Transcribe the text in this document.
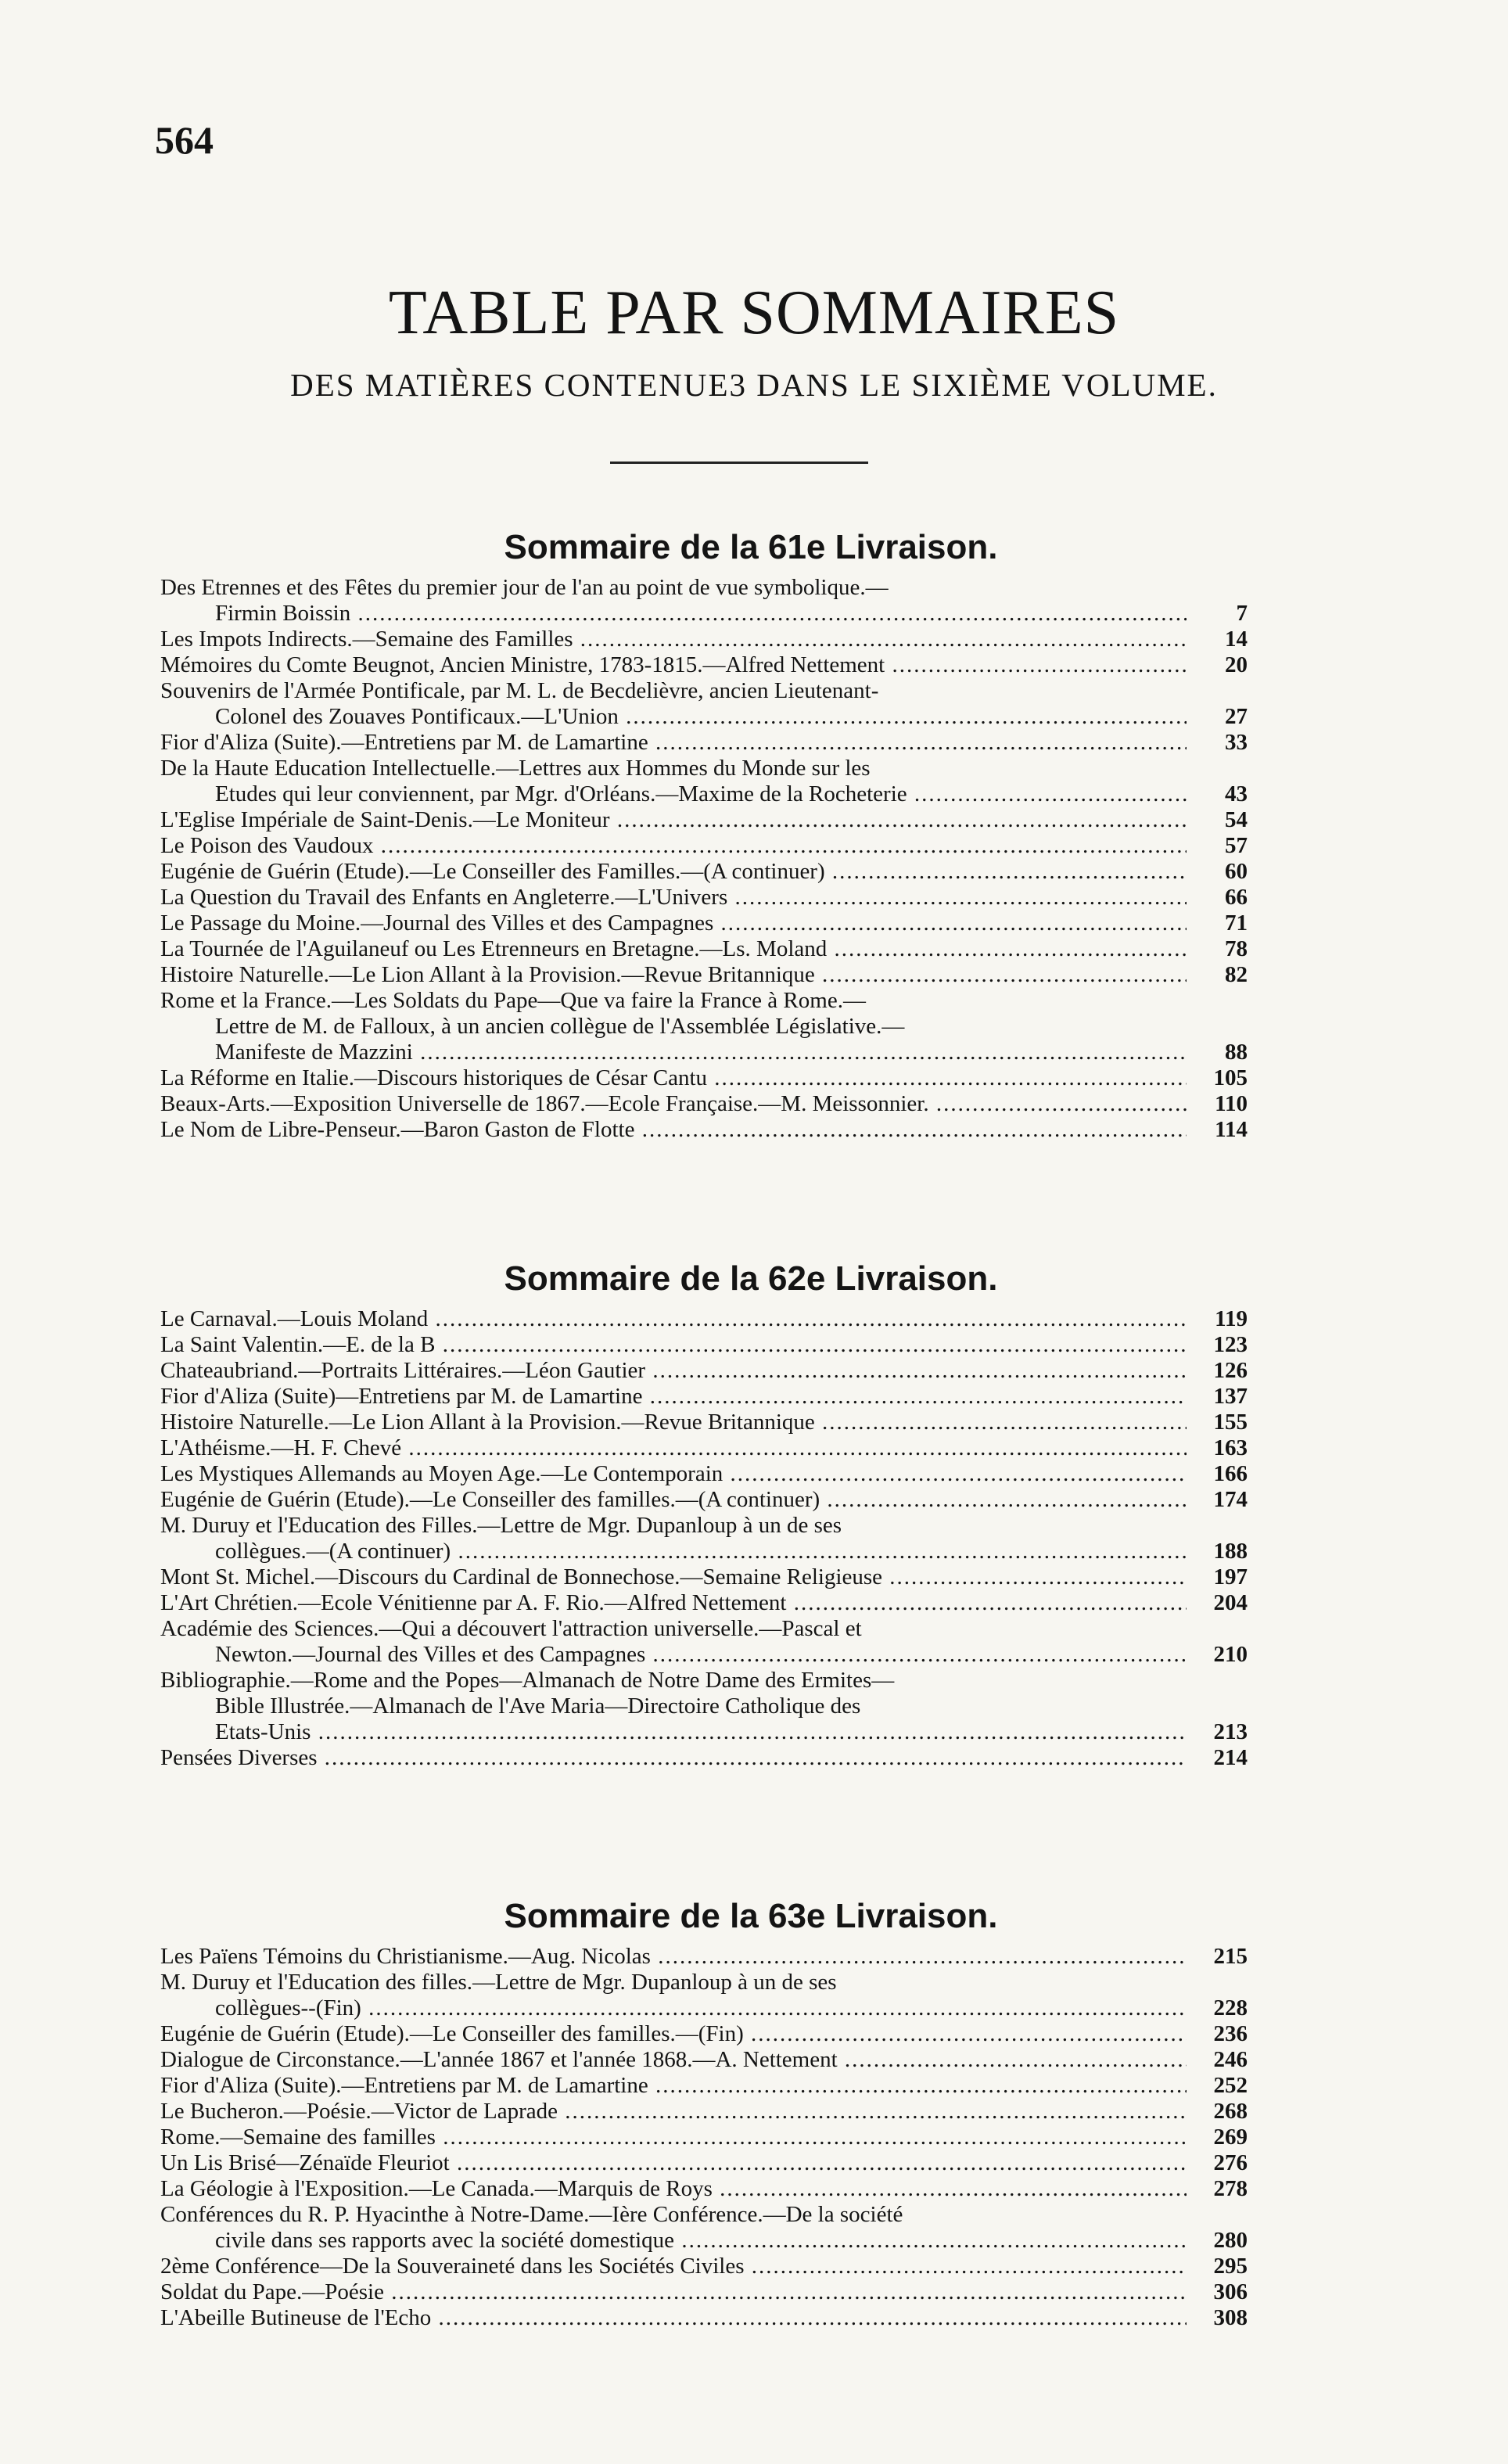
564
TABLE PAR SOMMAIRES
DES MATIÈRES CONTENUE3 DANS LE SIXIÈME VOLUME.
Sommaire de la 61e Livraison.
Des Etrennes et des Fêtes du premier jour de l'an au point de vue symbolique.—
Firmin Boissin .....	7
Les Impots Indirects.—Semaine des Familles .....	14
Mémoires du Comte Beugnot, Ancien Ministre, 1783-1815.—Alfred Nettement .....	20
Souvenirs de l'Armée Pontificale, par M. L. de Becdelièvre, ancien Lieutenant-
Colonel des Zouaves Pontificaux.—L'Union .....	27
Fior d'Aliza (Suite).—Entretiens par M. de Lamartine .....	33
De la Haute Education Intellectuelle.—Lettres aux Hommes du Monde sur les
Etudes qui leur conviennent, par Mgr. d'Orléans.—Maxime de la Rocheterie .....	43
L'Eglise Impériale de Saint-Denis.—Le Moniteur .....	54
Le Poison des Vaudoux .....	57
Eugénie de Guérin (Etude).—Le Conseiller des Familles.—(A continuer) .....	60
La Question du Travail des Enfants en Angleterre.—L'Univers .....	66
Le Passage du Moine.—Journal des Villes et des Campagnes .....	71
La Tournée de l'Aguilaneuf ou Les Etrenneurs en Bretagne.—Ls. Moland .....	78
Histoire Naturelle.—Le Lion Allant à la Provision.—Revue Britannique .....	82
Rome et la France.—Les Soldats du Pape—Que va faire la France à Rome.—
Lettre de M. de Falloux, à un ancien collègue de l'Assemblée Législative.—
Manifeste de Mazzini .....	88
La Réforme en Italie.—Discours historiques de César Cantu .....	105
Beaux-Arts.—Exposition Universelle de 1867.—Ecole Française.—M. Meissonnier. .....	110
Le Nom de Libre-Penseur.—Baron Gaston de Flotte .....	114
Sommaire de la 62e Livraison.
Le Carnaval.—Louis Moland .....	119
La Saint Valentin.—E. de la B .....	123
Chateaubriand.—Portraits Littéraires.—Léon Gautier .....	126
Fior d'Aliza (Suite)—Entretiens par M. de Lamartine .....	137
Histoire Naturelle.—Le Lion Allant à la Provision.—Revue Britannique .....	155
L'Athéisme.—H. F. Chevé .....	163
Les Mystiques Allemands au Moyen Age.—Le Contemporain .....	166
Eugénie de Guérin (Etude).—Le Conseiller des familles.—(A continuer) .....	174
M. Duruy et l'Education des Filles.—Lettre de Mgr. Dupanloup à un de ses
collègues.—(A continuer) .....	188
Mont St. Michel.—Discours du Cardinal de Bonnechose.—Semaine Religieuse .....	197
L'Art Chrétien.—Ecole Vénitienne par A. F. Rio.—Alfred Nettement .....	204
Académie des Sciences.—Qui a découvert l'attraction universelle.—Pascal et
Newton.—Journal des Villes et des Campagnes .....	210
Bibliographie.—Rome and the Popes—Almanach de Notre Dame des Ermites—
Bible Illustrée.—Almanach de l'Ave Maria—Directoire Catholique des
Etats-Unis .....	213
Pensées Diverses .....	214
Sommaire de la 63e Livraison.
Les Païens Témoins du Christianisme.—Aug. Nicolas .....	215
M. Duruy et l'Education des filles.—Lettre de Mgr. Dupanloup à un de ses
collègues--(Fin) .....	228
Eugénie de Guérin (Etude).—Le Conseiller des familles.—(Fin) .....	236
Dialogue de Circonstance.—L'année 1867 et l'année 1868.—A. Nettement .....	246
Fior d'Aliza (Suite).—Entretiens par M. de Lamartine .....	252
Le Bucheron.—Poésie.—Victor de Laprade .....	268
Rome.—Semaine des familles .....	269
Un Lis Brisé—Zénaïde Fleuriot .....	276
La Géologie à l'Exposition.—Le Canada.—Marquis de Roys .....	278
Conférences du R. P. Hyacinthe à Notre-Dame.—Ière Conférence.—De la société
civile dans ses rapports avec la société domestique .....	280
2ème Conférence—De la Souveraineté dans les Sociétés Civiles .....	295
Soldat du Pape.—Poésie .....	306
L'Abeille Butineuse de l'Echo .....	308
